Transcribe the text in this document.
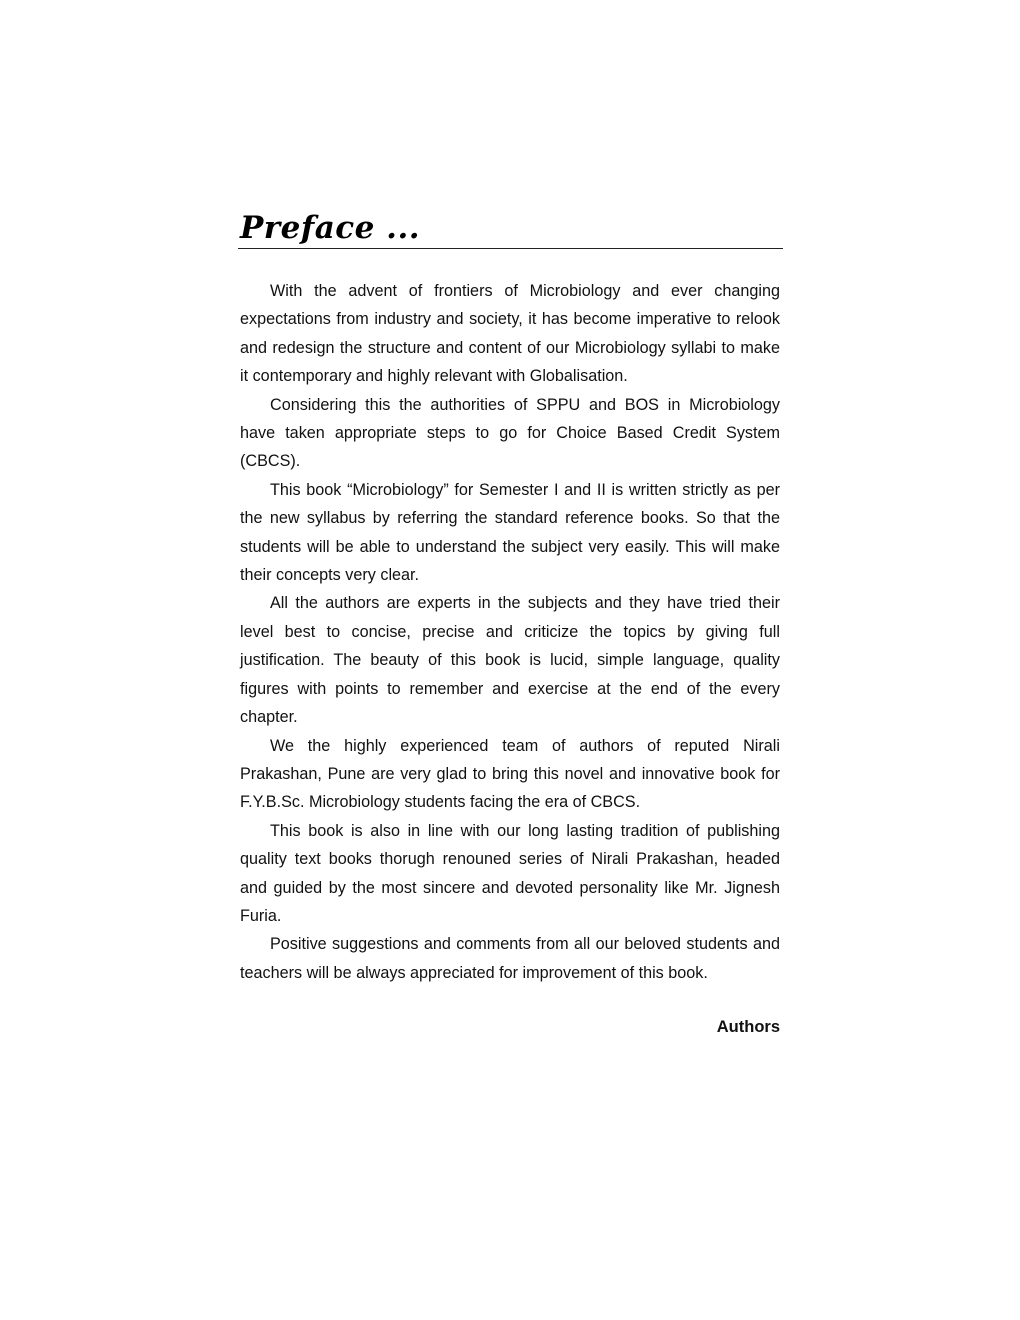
Preface ...

With the advent of frontiers of Microbiology and ever changing expectations from industry and society, it has become imperative to relook and redesign the structure and content of our Microbiology syllabi to make it contemporary and highly relevant with Globalisation.

Considering this the authorities of SPPU and BOS in Microbiology have taken appropriate steps to go for Choice Based Credit System (CBCS).

This book “Microbiology” for Semester I and II is written strictly as per the new syllabus by referring the standard reference books. So that the students will be able to understand the subject very easily. This will make their concepts very clear.

All the authors are experts in the subjects and they have tried their level best to concise, precise and criticize the topics by giving full justification. The beauty of this book is lucid, simple language, quality figures with points to remember and exercise at the end of the every chapter.

We the highly experienced team of authors of reputed Nirali Prakashan, Pune are very glad to bring this novel and innovative book for F.Y.B.Sc. Microbiology students facing the era of CBCS.

This book is also in line with our long lasting tradition of publishing quality text books thorugh renouned series of Nirali Prakashan, headed and guided by the most sincere and devoted personality like Mr. Jignesh Furia.

Positive suggestions and comments from all our beloved students and teachers will be always appreciated for improvement of this book.

Authors
